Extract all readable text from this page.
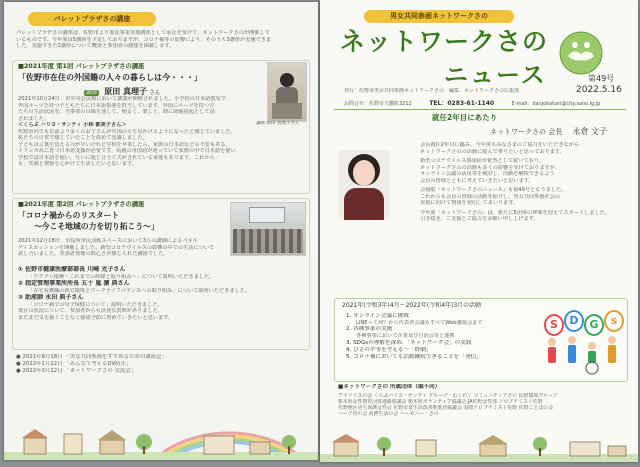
パレットプラザさの講座
パレットプラザさの講座は、佐野市より委託事業実施講座として承託を受けて、ネットワークさのが開催して
いるものです。今年度は5講座を予定しておりますが、コロナ禍等の影響により、そのうち3講座が実施できま
した。実施できた2講座について概要と参加者の感想を掲載します。
■2021年度 第1回 パレットプラザさの講座
「佐野市在住の外国籍の人々の暮らしは今・・・」
講師 原田 真理子 さん
講師 原田 真理子さん
2021年10月24日、市中央公民館において講演が開催されました。小学校の日本語教室で
外国ルーツを持つ子どもたちに日本語指導を担当しています。外国にルーツを持つ方
たちの生活状況を、当事者の目線を通して、明るく、楽しく、時に問題提起として話
されました。
＜くらぶ ハリヨ・サンティ 小林 都美子さん＞
佐野市内でも以前より多くのお子さんが中国の方を見かけるようになったと感じていました。
私たちの日常で感じていたことを改めて実感しました。
子どもは言葉を覚えるのが早いけれど学校を卒業したら、家族の日本語などの不安もある。
イリンカれに育つ日本語支援が必要です。両親の母国語が違っていて家族の中で日本語を使い
学校では日本語を使い、互いに通じ合う工夫がされている家庭もあります。これから
も、笑顔と挨拶を心がけて生活したいと思います。
■2021年度 第2回 パレットプラザさの講座
「コロナ禍からのリスタート
～今こそ地域の力を切り拓こう～」
2021年12月18日、市役所市民活動スペースにおいて3人の講師によるパネル
ディスカッションを開催しました。新型コロナウイルスの影響の中での生活について
話し合いました。参加者皆様の熱心さが感じられた講座でした。
① 佐野市健康医療部部長 川﨑 光子さん
「ワクチン接種～これまでの経緯と取り組み～」について説明いただきました。
② 指定管理事業所所長 五十 嵐 凛 典さん
「在宅看護職の就労環境とワークライフバランスへの取り組み」について説明いただきました。
③ 助産師 永田 典子さん
「コロナ禍での母子保健について」説明いただきました。
現在の状況について、参加者からも活発な質問がありました。
まだまだ気を抜くことなく感染予防に努めていきたいと思います。
● 2021年9月18日 「男女共同参画をすすめるための講演会」
● 2022年1月22日 「みんなで考えるDV防止」
● 2022年3月12日 「ネットワークさの 交流会」
男女共同参画ネットワークさの
ネットワークさの
ニュース	第49号
2022.5.16
発行：佐野市男女共同参画ネットワークさの　編集：ネットワークさの広報部
お問合せ：佐野市大橋町3212	TEL：0283-61-1140	E-mail：danjokakari@city.sano.lg.jp
就任2年目にあたり
ネットワークさの 会長 永倉 文子
会長就任2年目に臨み、今年度もみなさまのご協力をいただきながら
ネットワークさのの活動に励んで参りたいと思っております。
新型コロナウイルス感染症が依然として続いており、
ネットワークさのの活動も多くの影響を受けておりますが、
オンライン会議の活用等を検討し、活動を継続できるよう
会員の皆様とともに考えていきたいと思います。
会報紙『ネットワークさのニュース』も第49号となりました。
これからも会員の皆様の活動を紹介し、男女共同参画社会の
実現に向けて情報を発信してまいります。
今年度「ネットワークさの」は、新たに5団体の仲間を迎えてスタートしました。
引き続き、ご支援とご協力をお願い申し上げます。
2021年(令和3年)4月～2022年(令和4年)3月の活動
1. オンライン会議に挑戦
LINEって何？から代表者会議もすべてWeb講演会まで
2. 各種事業の実施
各種事業において企業及び自治会等と連携
3. SDGsの理解を深め、「ネットワーク会」の実践
4. ひさの平等を考える～「絆劇」
5. コロナ禍においても活動継続できることを「発信」
S	D G	s
■ネットワークさの 所属団体（順不同）
アマリリスの会 くらぶハリヨ・サンティ グループ・わくわく コミュニティアさの 佐野環境グループ
栃木県女性教育団体連絡協議会 栃木県ボランティア協議会 JA佐野女性部 ソロプチミスト佐野
佐野地区更生保護女性会 佐野市食生活改善推進員協議会 国際ソロプチミスト佐野 佐野ことばの会
ハーブ舎の会 消費生活の会 ハーモニー・さの
